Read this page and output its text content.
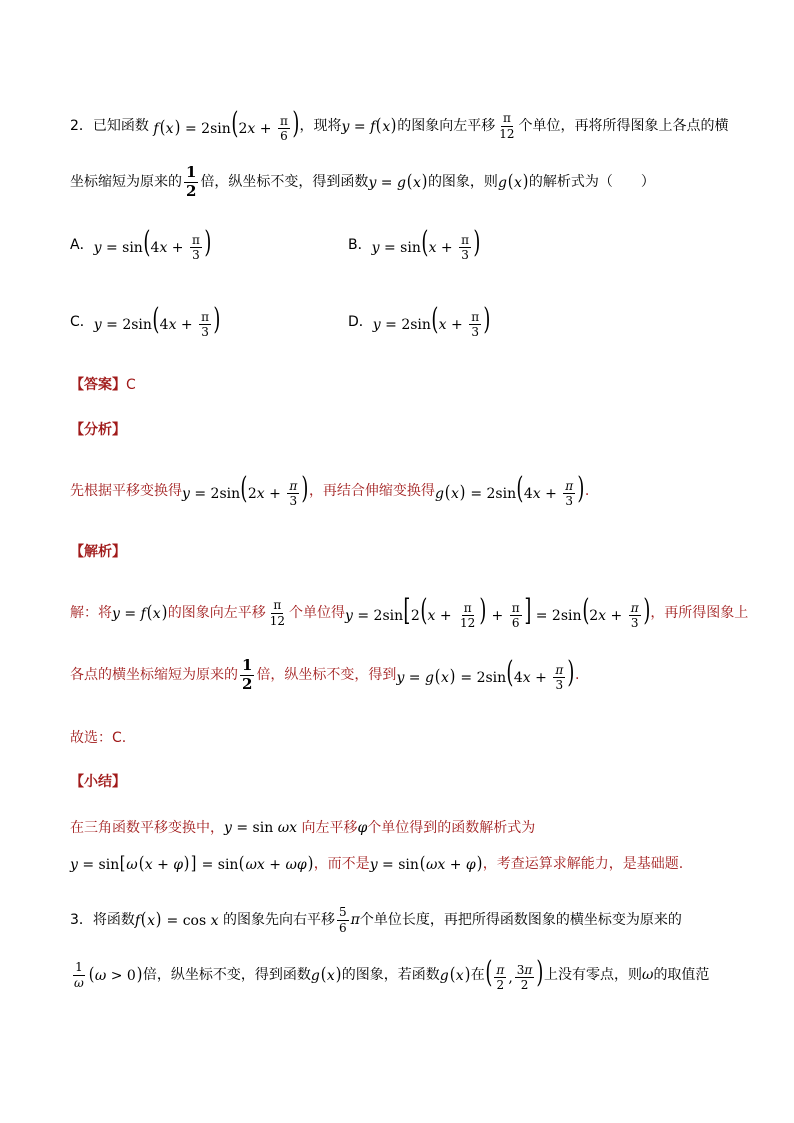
2． 已知函数 $f(x) = 2\sin(2x + \frac{\pi}{6}$ ) ，现将 y = f(x) 的图象向左平移 $\frac{\pi}{12}$ 个单位，再将所得图象上各点的横
坐标缩短为原来的 $\frac{1}{2}$ 倍，纵坐标不变，得到函数 y = g(x) 的图象，则 g(x) 的解析式为（　　）
A． $y = \sin(4x + \frac{\pi}{3}$ )	B． $y = \sin(x + \frac{\pi}{3}$ )
C． $y = 2\sin(4x + \frac{\pi}{3}$ )	D． $y = 2\sin(x + \frac{\pi}{3}$ )
【答案】 C
【分析】
先根据平移变换得 $y = 2\sin(2x + \frac{\pi}{3}$ ) ，再结合伸缩变换得 $g(x) = 2\sin(4x + \frac{\pi}{3}$ ) .
【解析】
解：将 y = f(x) 的图象向左平移 $\frac{\pi}{12}$ 个单位得 $y = 2\sin[2(x + \frac{\pi}{12}$ ) + $\frac{\pi}{6}$ ] = $2\sin(2x + \frac{\pi}{3}$ ) ，再所得图象上
各点的横坐标缩短为原来的 $\frac{1}{2}$ 倍，纵坐标不变，得到 $y = g(x) = 2\sin(4x + \frac{\pi}{3}$ ) .
故选：C.
【小结】
在三角函数平移变换中， y = sin ωx 向左平移 φ 个单位得到的函数解析式为
y = sin[ω(x + φ)] = sin(ωx + ωφ) ，而不是 y = sin(ωx + φ) ，考查运算求解能力，是基础题.
3． 将函数 f(x) = cos x 的图象先向右平移 $\frac{5}{6}$ π 个单位长度，再把所得函数图象的横坐标变为原来的
$\frac{1}{\omega} (\omega > 0)$ 倍，纵坐标不变，得到函数 g(x) 的图象，若函数 g(x) 在 ( $\frac{\pi}{2}$ , $\frac{3\pi}{2}$ ) 上没有零点，则 ω 的取值范
